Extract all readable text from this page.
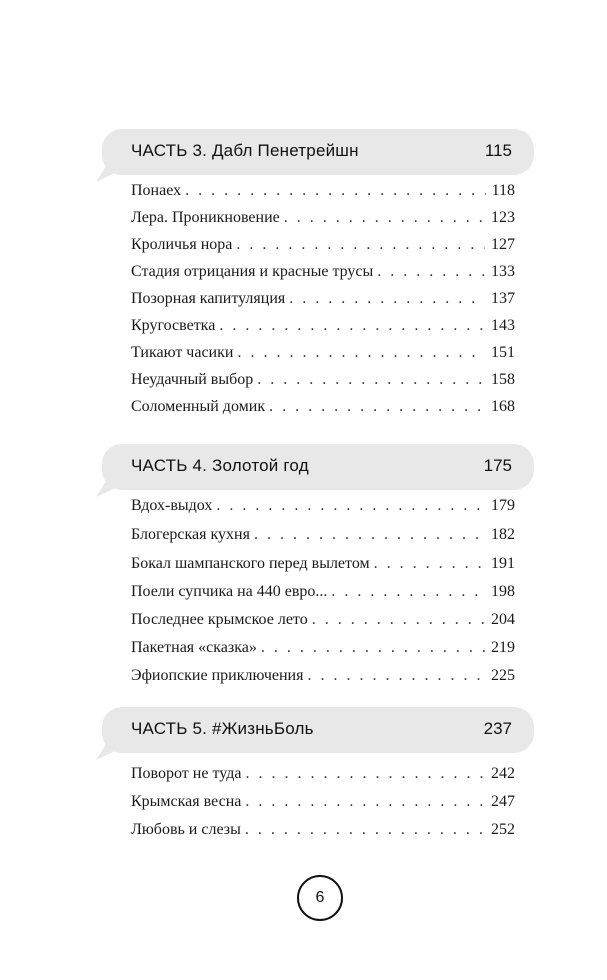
ЧАСТЬ 3. Дабл Пенетрейшн	115
Понаех . . .	118
Лера. Проникновение . . .	123
Кроличья нора . . .	127
Стадия отрицания и красные трусы . . .	133
Позорная капитуляция . . .	137
Кругосветка . . .	143
Тикают часики . . .	151
Неудачный выбор . . .	158
Соломенный домик . . .	168
ЧАСТЬ 4. Золотой год	175
Вдох-выдох . . .	179
Блогерская кухня . . .	182
Бокал шампанского перед вылетом . . .	191
Поели супчика на 440 евро... . . .	198
Последнее крымское лето . . .	204
Пакетная «сказка» . . .	219
Эфиопские приключения . . .	225
ЧАСТЬ 5. #ЖизньБоль	237
Поворот не туда . . .	242
Крымская весна . . .	247
Любовь и слезы . . .	252
6
